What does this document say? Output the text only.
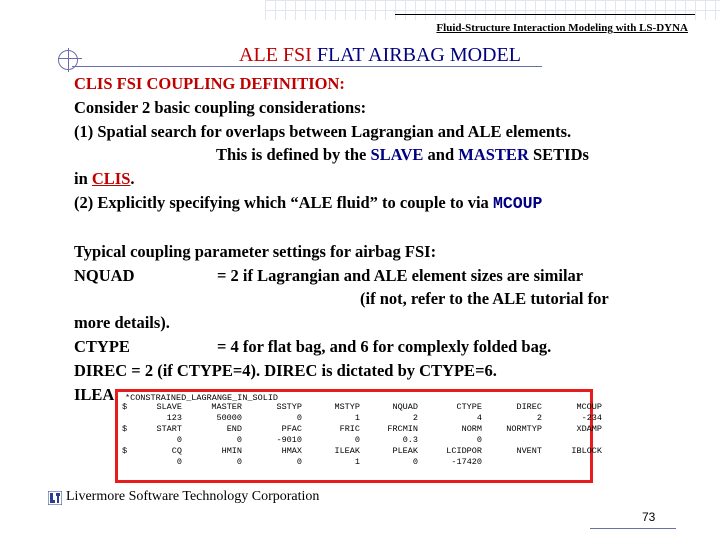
Fluid-Structure Interaction Modeling with LS-DYNA
ALE FSI FLAT AIRBAG MODEL

CLIS FSI COUPLING DEFINITION:

Consider 2 basic coupling considerations:

(1) Spatial search for overlaps between Lagrangian and ALE elements.

This is defined by the SLAVE and MASTER SETIDs

in CLIS.

(2) Explicitly specifying which “ALE fluid” to couple to via MCOUP

Typical coupling parameter settings for airbag FSI:

NQUAD	= 2 if Lagrangian and ALE element sizes are similar

(if not, refer to the ALE tutorial for

more details).

CTYPE	= 4 for flat bag, and 6 for complexly folded bag.

DIREC = 2 (if CTYPE=4). DIREC is dictated by CTYPE=6.

ILEA	*CONSTRAINED_LAGRANGE_IN_SOLID
$	SLAVE	MASTER	SSTYP	MSTYP	NQUAD	CTYPE	DIREC	MCOUP
123	50000	0	1	2	4	2	-234
$	START	END	PFAC	FRIC	FRCMIN	NORM	NORMTYP	XDAMP
0	0	-9010	0	0.3	0
$	CQ	HMIN	HMAX	ILEAK	PLEAK	LCIDPOR	NVENT	IBLOCK
0	0	0	1	0	-17420
Livermore Software Technology Corporation
73
